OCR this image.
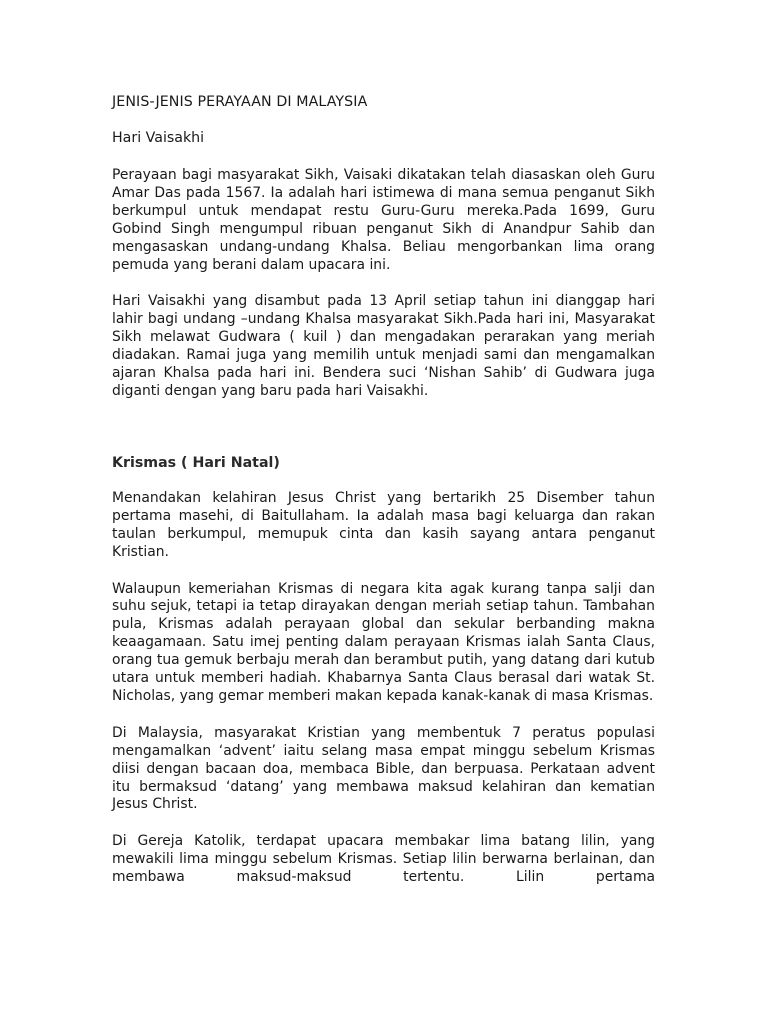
JENIS-JENIS PERAYAAN DI MALAYSIA
Hari Vaisakhi

Perayaan bagi masyarakat Sikh, Vaisaki dikatakan telah diasaskan oleh Guru Amar Das pada 1567. Ia adalah hari istimewa di mana semua penganut Sikh berkumpul untuk mendapat restu Guru-Guru mereka.Pada 1699, Guru Gobind Singh mengumpul ribuan penganut Sikh di Anandpur Sahib dan mengasaskan undang-undang Khalsa. Beliau mengorbankan lima orang pemuda yang berani dalam upacara ini.

Hari Vaisakhi yang disambut pada 13 April setiap tahun ini dianggap hari lahir bagi undang –undang Khalsa masyarakat Sikh.Pada hari ini, Masyarakat Sikh melawat Gudwara ( kuil ) dan mengadakan perarakan yang meriah diadakan. Ramai juga yang memilih untuk menjadi sami dan mengamalkan ajaran Khalsa pada hari ini. Bendera suci ‘Nishan Sahib’ di Gudwara juga diganti dengan yang baru pada hari Vaisakhi.

Krismas ( Hari Natal)

Menandakan kelahiran Jesus Christ yang bertarikh 25 Disember tahun pertama masehi, di Baitullaham. Ia adalah masa bagi keluarga dan rakan taulan berkumpul, memupuk cinta dan kasih sayang antara penganut Kristian.

Walaupun kemeriahan Krismas di negara kita agak kurang tanpa salji dan suhu sejuk, tetapi ia tetap dirayakan dengan meriah setiap tahun. Tambahan pula, Krismas adalah perayaan global dan sekular berbanding makna keaagamaan. Satu imej penting dalam perayaan Krismas ialah Santa Claus, orang tua gemuk berbaju merah dan berambut putih, yang datang dari kutub utara untuk memberi hadiah. Khabarnya Santa Claus berasal dari watak St. Nicholas, yang gemar memberi makan kepada kanak-kanak di masa Krismas.

Di Malaysia, masyarakat Kristian yang membentuk 7 peratus populasi mengamalkan ‘advent’ iaitu selang masa empat minggu sebelum Krismas diisi dengan bacaan doa, membaca Bible, dan berpuasa. Perkataan advent itu bermaksud ‘datang’ yang membawa maksud kelahiran dan kematian Jesus Christ.

Di Gereja Katolik, terdapat upacara membakar lima batang lilin, yang mewakili lima minggu sebelum Krismas. Setiap lilin berwarna berlainan, dan membawa maksud-maksud tertentu. Lilin pertama
